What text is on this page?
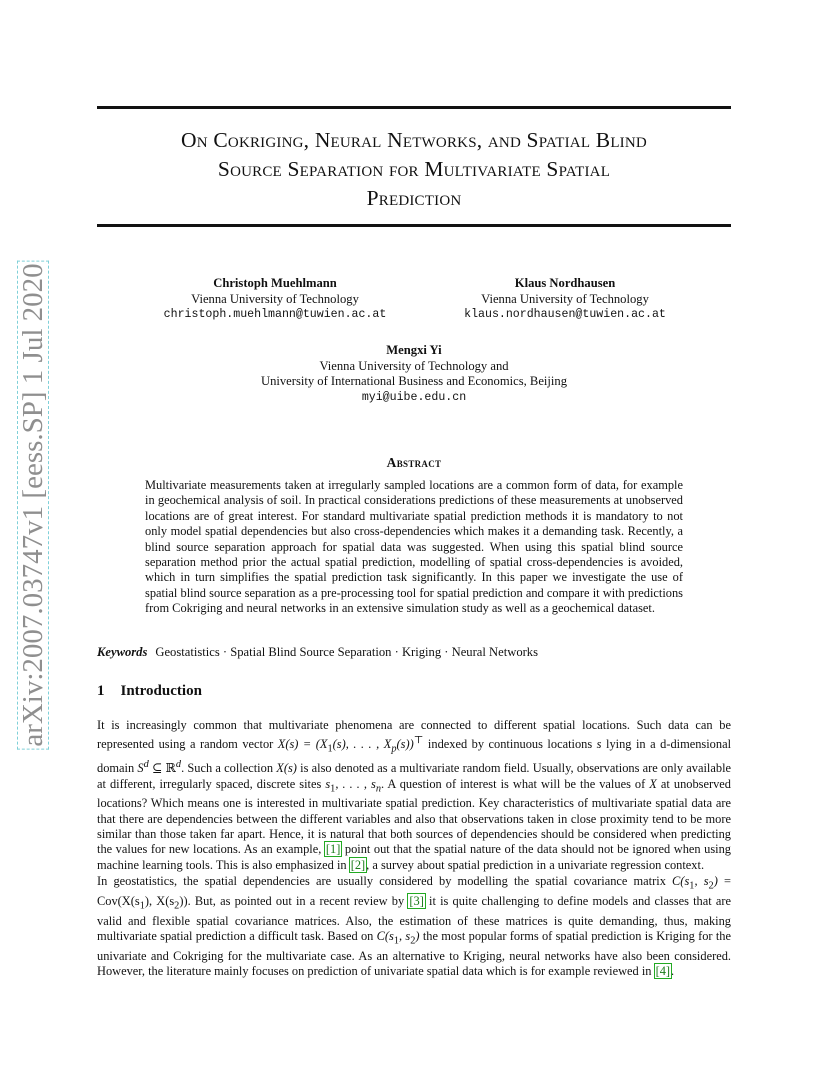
arXiv:2007.03747v1 [eess.SP] 1 Jul 2020
On Cokriging, Neural Networks, and Spatial Blind
Source Separation for Multivariate Spatial
Prediction
Christoph Muehlmann
Vienna University of Technology
christoph.muehlmann@tuwien.ac.at
Klaus Nordhausen
Vienna University of Technology
klaus.nordhausen@tuwien.ac.at
Mengxi Yi
Vienna University of Technology and
University of International Business and Economics, Beijing
myi@uibe.edu.cn
Abstract
Multivariate measurements taken at irregularly sampled locations are a common form of data, for example in geochemical analysis of soil. In practical considerations predictions of these measurements at unobserved locations are of great interest. For standard multivariate spatial prediction methods it is mandatory to not only model spatial dependencies but also cross-dependencies which makes it a demanding task. Recently, a blind source separation approach for spatial data was suggested. When using this spatial blind source separation method prior the actual spatial prediction, modelling of spatial cross-dependencies is avoided, which in turn simplifies the spatial prediction task significantly. In this paper we investigate the use of spatial blind source separation as a pre-processing tool for spatial prediction and compare it with predictions from Cokriging and neural networks in an extensive simulation study as well as a geochemical dataset.
Keywords Geostatistics · Spatial Blind Source Separation · Kriging · Neural Networks
1 Introduction
It is increasingly common that multivariate phenomena are connected to different spatial locations. Such data can be represented using a random vector $X(s) = (X_1(s)$, . . . , $X_p(s))^⊤$ indexed by continuous locations s lying in a d-dimensional domain $S^d$ ⊆ ℝ$^d$. Such a collection X(s) is also denoted as a multivariate random field. Usually, observations are only available at different, irregularly spaced, discrete sites $s_1$, . . . , $s_n$. A question of interest is what will be the values of X at unobserved locations? Which means one is interested in multivariate spatial prediction. Key characteristics of multivariate spatial data are that there are dependencies between the different variables and also that observations taken in close proximity tend to be more similar than those taken far apart. Hence, it is natural that both sources of dependencies should be considered when predicting the values for new locations. As an example, [1] point out that the spatial nature of the data should not be ignored when using machine learning tools. This is also emphasized in [2], a survey about spatial prediction in a univariate regression context.
In geostatistics, the spatial dependencies are usually considered by modelling the spatial covariance matrix $C(s_1$, $s_2) = Cov(X(s_1)$, $X(s_2)$). But, as pointed out in a recent review by [3] it is quite challenging to define models and classes that are valid and flexible spatial covariance matrices. Also, the estimation of these matrices is quite demanding, thus, making multivariate spatial prediction a difficult task. Based on $C(s_1$, $s_2$) the most popular forms of spatial prediction is Kriging for the univariate and Cokriging for the multivariate case. As an alternative to Kriging, neural networks have also been considered. However, the literature mainly focuses on prediction of univariate spatial data which is for example reviewed in [4].
